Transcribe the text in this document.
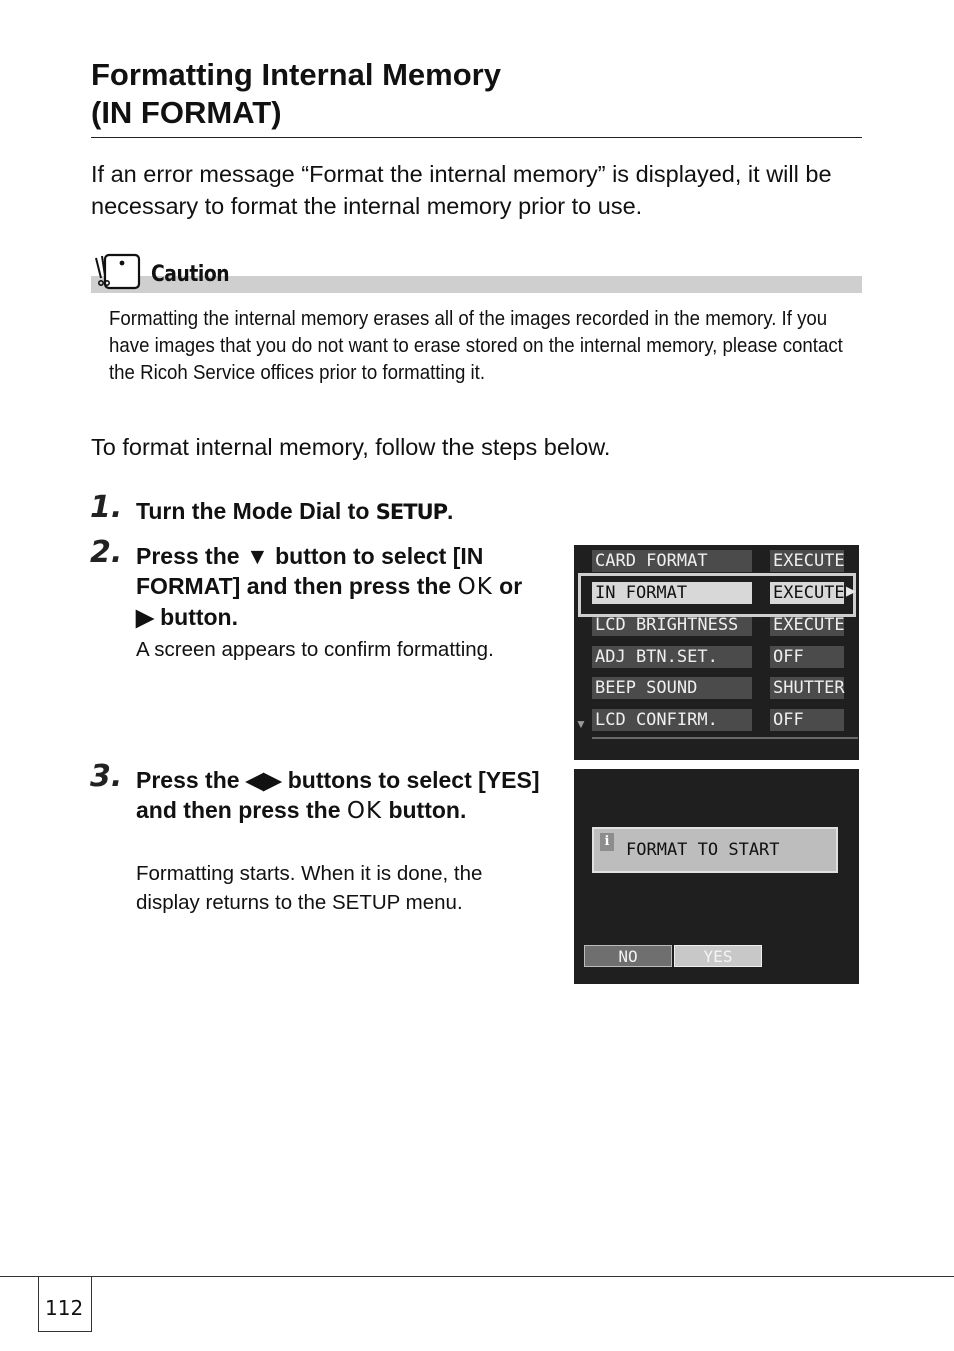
Formatting Internal Memory
(IN FORMAT)

If an error message “Format the internal memory” is displayed, it will be necessary to format the internal memory prior to use.

Caution

Formatting the internal memory erases all of the images recorded in the memory. If you have images that you do not want to erase stored on the internal memory, please contact the Ricoh Service offices prior to formatting it.

To format internal memory, follow the steps below.

1. Turn the Mode Dial to SETUP.

2. Press the ▼ button to select [IN FORMAT] and then press the OK or ▶ button.

A screen appears to confirm formatting.

CARD FORMAT	EXECUTE
IN FORMAT	EXECUTE
LCD BRIGHTNESS	EXECUTE
ADJ BTN.SET.	OFF
BEEP SOUND	SHUTTER
LCD CONFIRM.	OFF
▶
▼
3. Press the ◀▶ buttons to select [YES] and then press the OK button.

Formatting starts. When it is done, the display returns to the SETUP menu.

i FORMAT TO START
NO	YES
112
